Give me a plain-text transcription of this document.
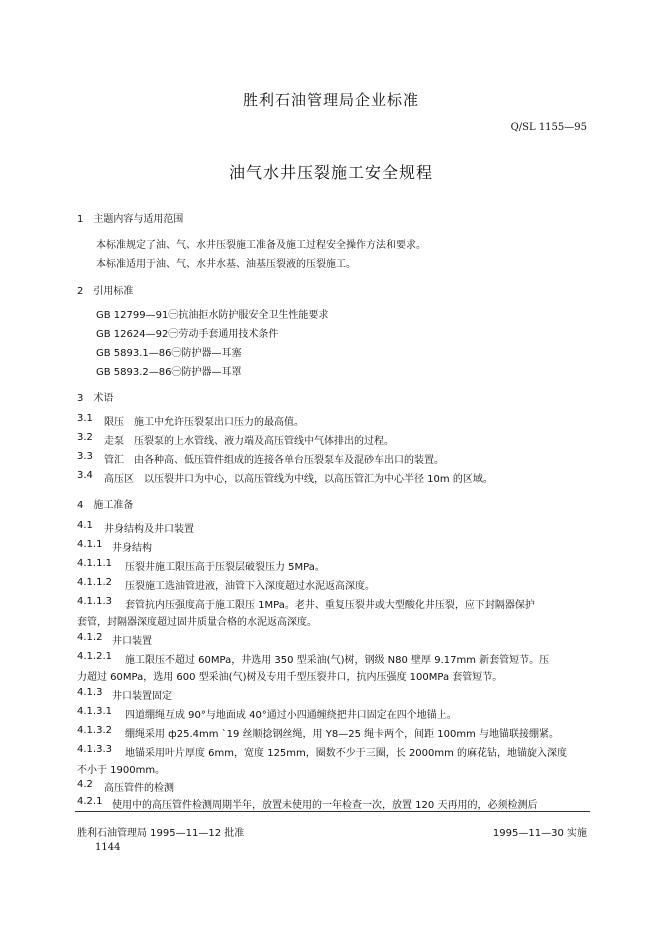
胜利石油管理局企业标准
Q/SL 1155—95
油气水井压裂施工安全规程
1　主题内容与适用范围
本标准规定了油、气、水井压裂施工准备及施工过程安全操作方法和要求。
本标准适用于油、气、水井水基、油基压裂液的压裂施工。
2　引用标准
GB 12799—91㊀抗油拒水防护服安全卫生性能要求
GB 12624—92㊀劳动手套通用技术条件
GB 5893.1—86㊀防护器—耳塞
GB 5893.2—86㊀防护器—耳罩
3　术语
3.1 限压　施工中允许压裂泵出口压力的最高值。
3.2 走泵　压裂泵的上水管线、液力端及高压管线中气体排出的过程。
3.3 管汇　由各种高、低压管件组成的连接各单台压裂泵车及混砂车出口的装置。
3.4 高压区　以压裂井口为中心，以高压管线为中线，以高压管汇为中心半径 10m 的区域。
4　施工准备
4.1 井身结构及井口装置
4.1.1 井身结构
4.1.1.1 压裂井施工限压高于压裂层破裂压力 5MPa。
4.1.1.2 压裂施工选油管进液，油管下入深度超过水泥返高深度。
4.1.1.3 套管抗内压强度高于施工限压 1MPa。老井、重复压裂井或大型酸化井压裂，应下封隔器保护
套管，封隔器深度超过固井质量合格的水泥返高深度。
4.1.2 井口装置
4.1.2.1 施工限压不超过 60MPa，井选用 350 型采油(气)树，钢级 N80 壁厚 9.17mm 新套管短节。压
力超过 60MPa，选用 600 型采油(气)树及专用千型压裂井口，抗内压强度 100MPa 套管短节。
4.1.3 井口装置固定
4.1.3.1 四道绷绳互成 90°与地面成 40°通过小四通缠绕把井口固定在四个地锚上。
4.1.3.2 绷绳采用 ф25.4mm `19 丝顺捻钢丝绳，用 Y8—25 绳卡两个，间距 100mm 与地锚联接绷紧。
4.1.3.3 地锚采用叶片厚度 6mm，宽度 125mm，圈数不少于三圈，长 2000mm 的麻花钻，地锚旋入深度
不小于 1900mm。
4.2 高压管件的检测
4.2.1 使用中的高压管件检测周期半年，放置未使用的一年检查一次，放置 120 天再用的，必须检测后
胜利石油管理局 1995—11—12 批准	1995—11—30 实施
1144
